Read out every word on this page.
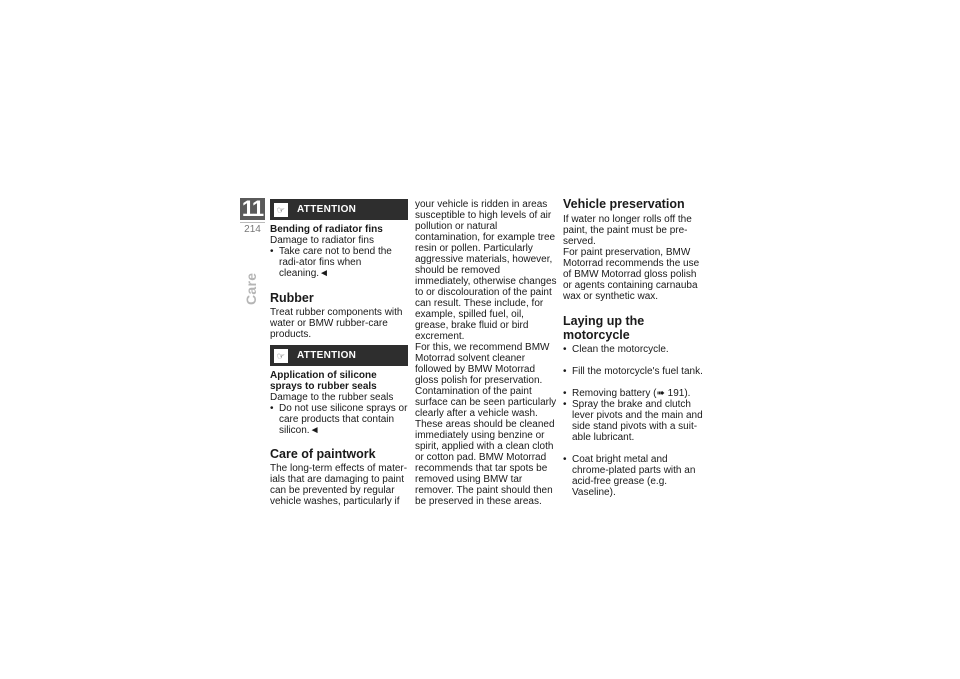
11
214
Care
☞ ATTENTION

Bending of radiator fins

Damage to radiator fins

• Take care not to bend the radi-ator fins when cleaning.◄
Rubber

Treat rubber components with water or BMW rubber-care products.

☞ ATTENTION

Application of silicone sprays to rubber seals

Damage to the rubber seals

• Do not use silicone sprays or care products that contain silicon.◄
Care of paintwork

The long-term effects of mater-ials that are damaging to paint can be prevented by regular vehicle washes, particularly if

your vehicle is ridden in areas susceptible to high levels of air pollution or natural contamination, for example tree resin or pollen. Particularly aggressive materials, however, should be removed immediately, otherwise changes to or discolouration of the paint can result. These include, for example, spilled fuel, oil, grease, brake fluid or bird excrement.

For this, we recommend BMW Motorrad solvent cleaner followed by BMW Motorrad gloss polish for preservation.

Contamination of the paint surface can be seen particularly clearly after a vehicle wash. These areas should be cleaned immediately using benzine or spirit, applied with a clean cloth or cotton pad. BMW Motorrad recommends that tar spots be removed using BMW tar remover. The paint should then be preserved in these areas.

Vehicle preservation

If water no longer rolls off the paint, the paint must be pre-served.

For paint preservation, BMW Motorrad recommends the use of BMW Motorrad gloss polish or agents containing carnauba wax or synthetic wax.

Laying up the motorcycle
• Clean the motorcycle.
• Fill the motorcycle's fuel tank.
• Removing battery (➠ 191).
• Spray the brake and clutch lever pivots and the main and side stand pivots with a suit-able lubricant.
• Coat bright metal and chrome-plated parts with an acid-free grease (e.g. Vaseline).
